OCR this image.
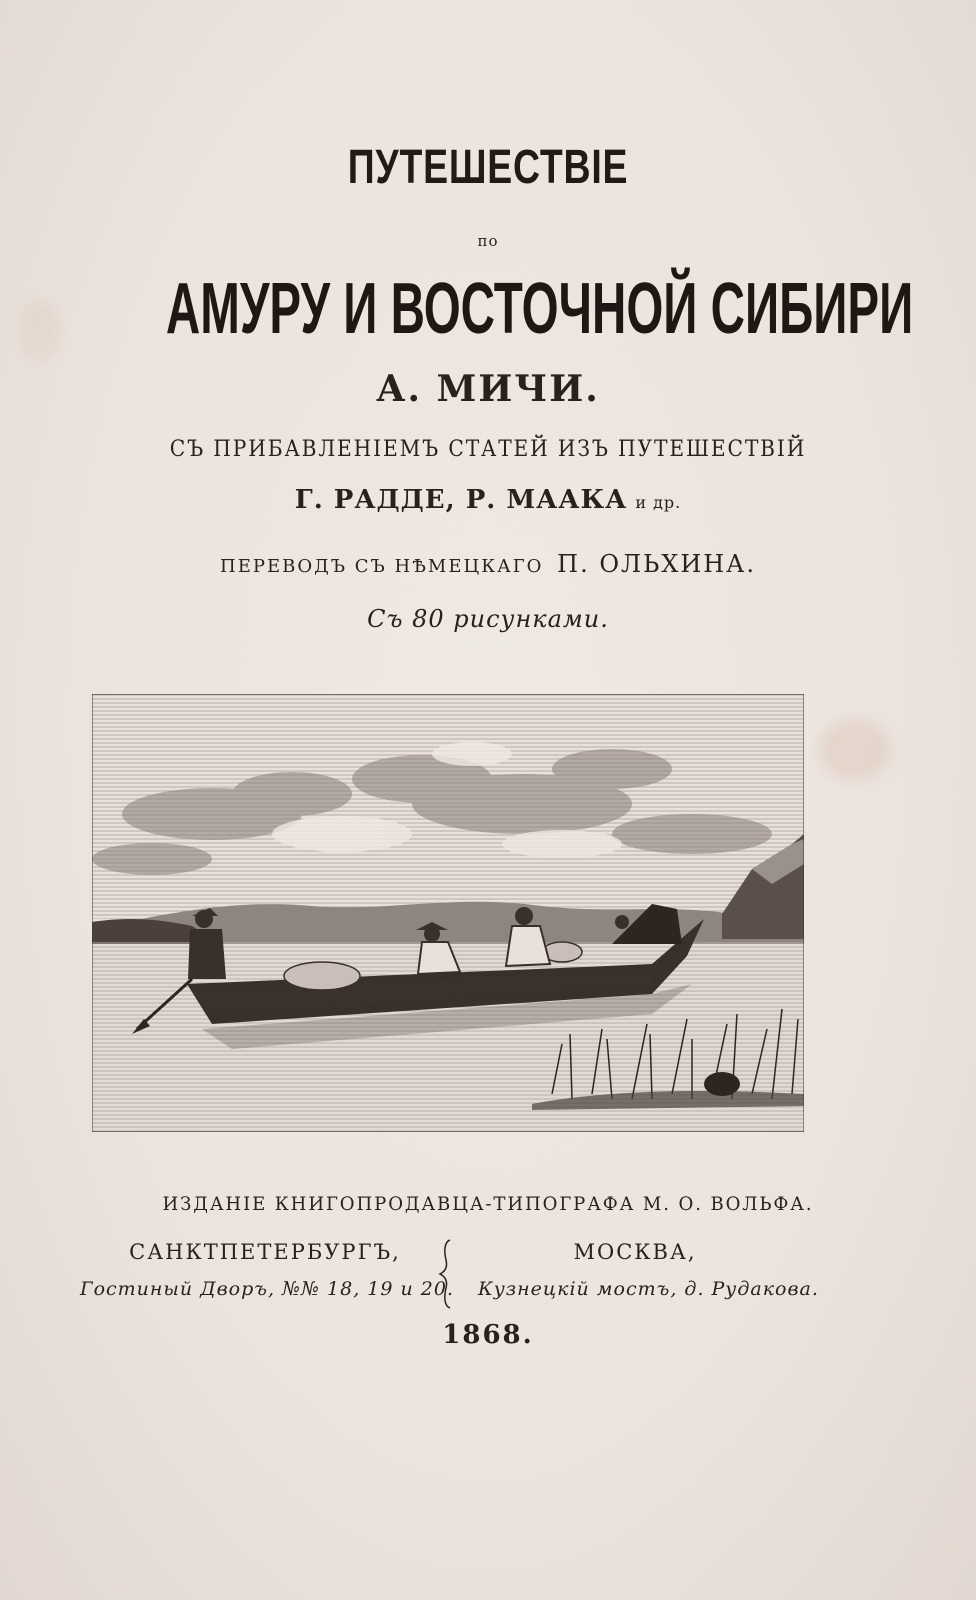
ПУТЕШЕСТВІЕ
по
АМУРУ И ВОСТОЧНОЙ СИБИРИ
А. МИЧИ.
СЪ ПРИБАВЛЕНІЕМЪ СТАТЕЙ ИЗЪ ПУТЕШЕСТВІЙ
Г. РАДДЕ, Р. МААКА и др.
ПЕРЕВОДЪ СЪ НѢМЕЦКАГО П. ОЛЬХИНА.
Съ 80 рисунками.
ИЗДАНІЕ КНИГОПРОДАВЦА-ТИПОГРАФА М. О. ВОЛЬФА.
САНКТПЕТЕРБУРГЪ,	МОСКВА,
Гостиный Дворъ, №№ 18, 19 и 20. Кузнецкій мостъ, д. Рудакова.
1868.
